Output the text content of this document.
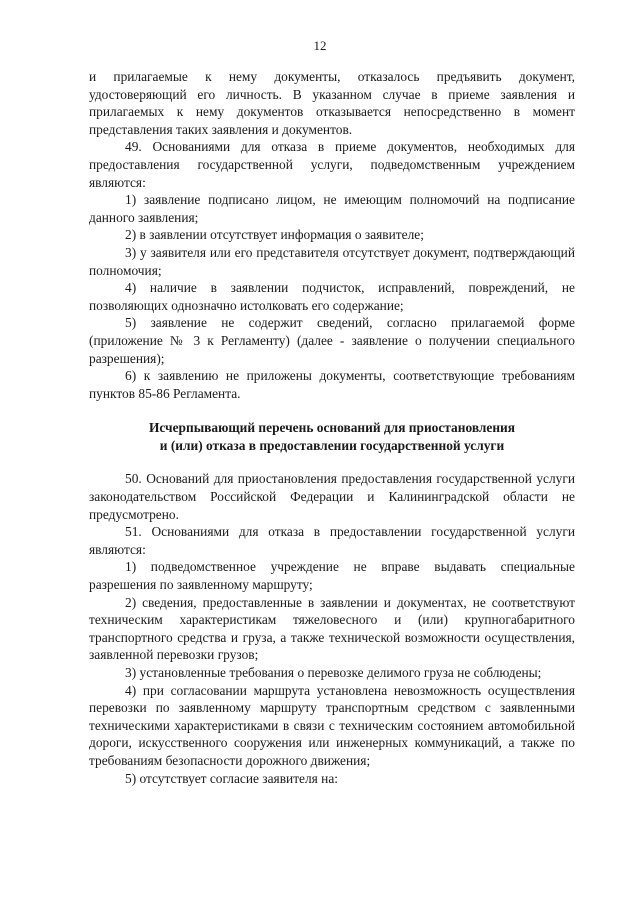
12

и прилагаемые к нему документы, отказалось предъявить документ, удостоверяющий его личность. В указанном случае в приеме заявления и прилагаемых к нему документов отказывается непосредственно в момент представления таких заявления и документов.

49. Основаниями для отказа в приеме документов, необходимых для предоставления государственной услуги, подведомственным учреждением являются:

1) заявление подписано лицом, не имеющим полномочий на подписание данного заявления;

2) в заявлении отсутствует информация о заявителе;

3) у заявителя или его представителя отсутствует документ, подтверждающий полномочия;

4) наличие в заявлении подчисток, исправлений, повреждений, не позволяющих однозначно истолковать его содержание;

5) заявление не содержит сведений, согласно прилагаемой форме (приложение № 3 к Регламенту) (далее - заявление о получении специального разрешения);

6) к заявлению не приложены документы, соответствующие требованиям пунктов 85-86 Регламента.

Исчерпывающий перечень оснований для приостановления
и (или) отказа в предоставлении государственной услуги

50. Оснований для приостановления предоставления государственной услуги законодательством Российской Федерации и Калининградской области не предусмотрено.

51. Основаниями для отказа в предоставлении государственной услуги являются:

1) подведомственное учреждение не вправе выдавать специальные разрешения по заявленному маршруту;

2) сведения, предоставленные в заявлении и документах, не соответствуют техническим характеристикам тяжеловесного и (или) крупногабаритного транспортного средства и груза, а также технической возможности осуществления, заявленной перевозки грузов;

3) установленные требования о перевозке делимого груза не соблюдены;

4) при согласовании маршрута установлена невозможность осуществления перевозки по заявленному маршруту транспортным средством с заявленными техническими характеристиками в связи с техническим состоянием автомобильной дороги, искусственного сооружения или инженерных коммуникаций, а также по требованиям безопасности дорожного движения;

5) отсутствует согласие заявителя на:
